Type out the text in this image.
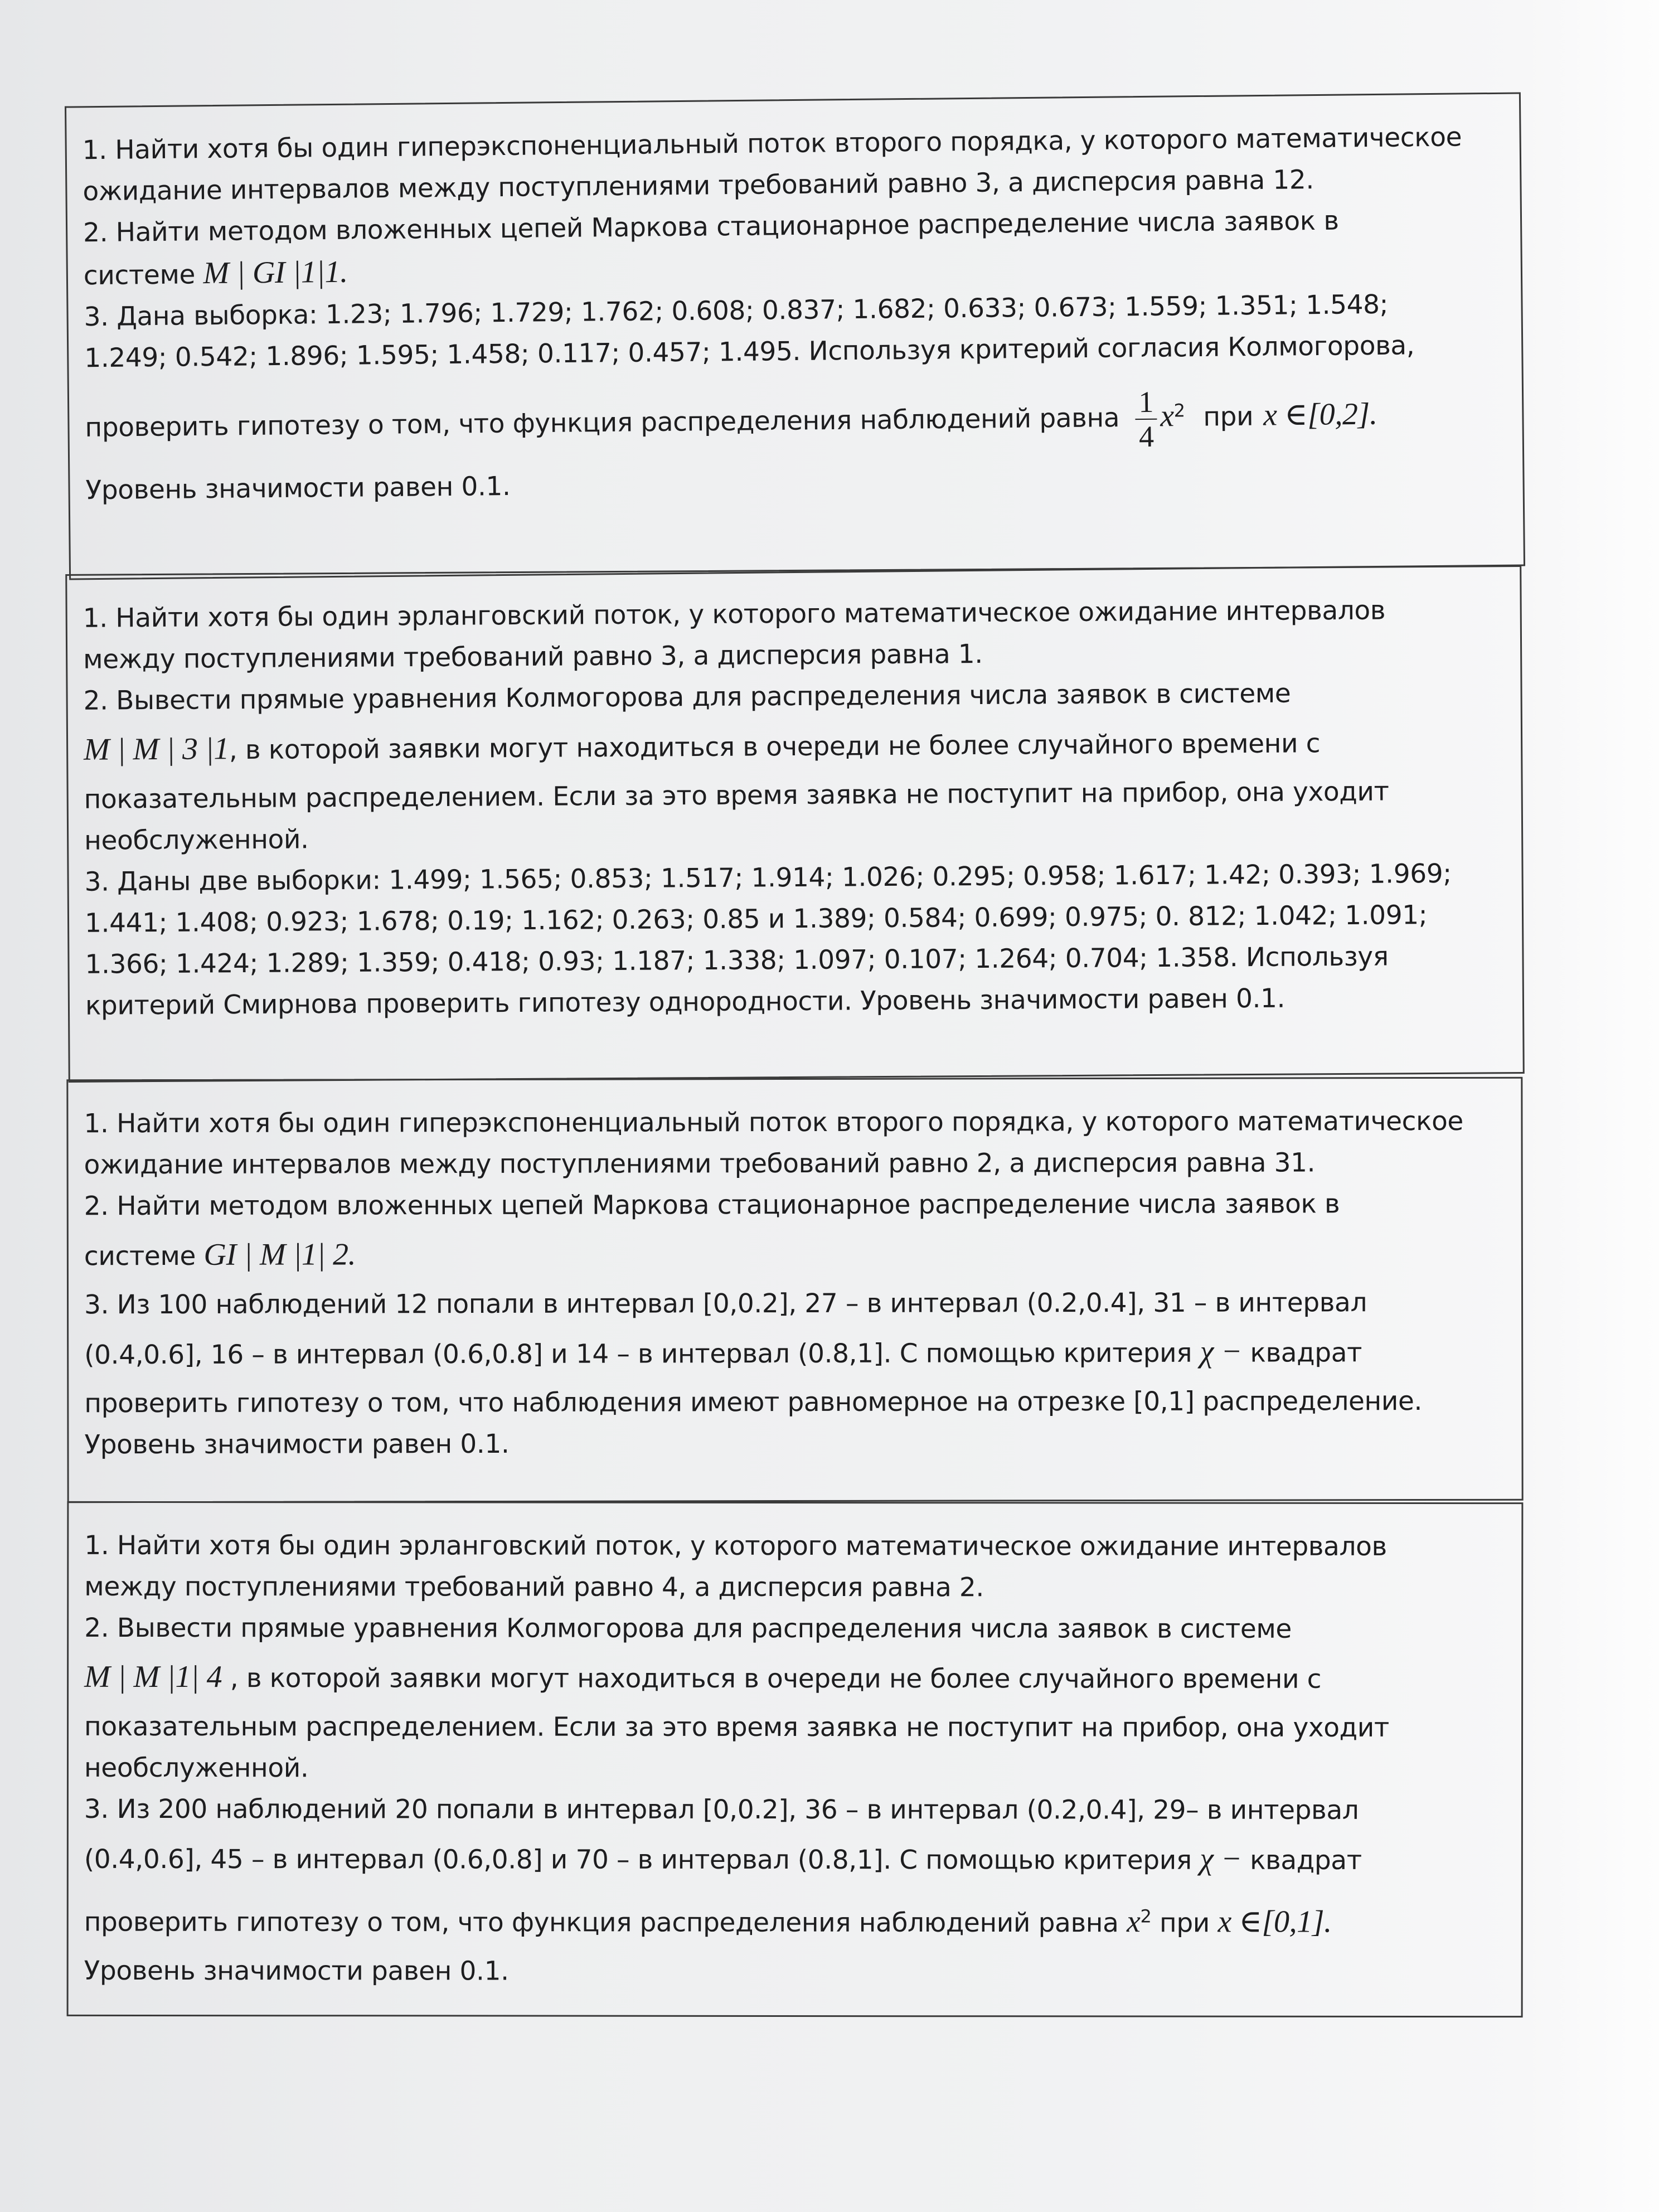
1. Найти хотя бы один гиперэкспоненциальный поток второго порядка, у которого математическое
ожидание интервалов между поступлениями требований равно 3, а дисперсия равна 12.
2. Найти методом вложенных цепей Маркова стационарное распределение числа заявок в
системе M | GI |1|1.
3. Дана выборка: 1.23; 1.796; 1.729; 1.762; 0.608; 0.837; 1.682; 0.633; 0.673; 1.559; 1.351; 1.548;
1.249; 0.542; 1.896; 1.595; 1.458; 0.117; 0.457; 1.495. Используя критерий согласия Колмогорова,
проверить гипотезу о том, что функция распределения наблюдений равна $\frac{1}{4} x^2$ при x ∈[0,2].
Уровень значимости равен 0.1.
1. Найти хотя бы один эрланговский поток, у которого математическое ожидание интервалов
между поступлениями требований равно 3, а дисперсия равна 1.
2. Вывести прямые уравнения Колмогорова для распределения числа заявок в системе
M | M | 3 |1, в которой заявки могут находиться в очереди не более случайного времени с
показательным распределением. Если за это время заявка не поступит на прибор, она уходит
необслуженной.
3. Даны две выборки: 1.499; 1.565; 0.853; 1.517; 1.914; 1.026; 0.295; 0.958; 1.617; 1.42; 0.393; 1.969;
1.441; 1.408; 0.923; 1.678; 0.19; 1.162; 0.263; 0.85 и 1.389; 0.584; 0.699; 0.975; 0. 812; 1.042; 1.091;
1.366; 1.424; 1.289; 1.359; 0.418; 0.93; 1.187; 1.338; 1.097; 0.107; 1.264; 0.704; 1.358. Используя
критерий Смирнова проверить гипотезу однородности. Уровень значимости равен 0.1.
1. Найти хотя бы один гиперэкспоненциальный поток второго порядка, у которого математическое
ожидание интервалов между поступлениями требований равно 2, а дисперсия равна 31.
2. Найти методом вложенных цепей Маркова стационарное распределение числа заявок в
системе GI | M |1| 2.
3. Из 100 наблюдений 12 попали в интервал [0,0.2], 27 – в интервал (0.2,0.4], 31 – в интервал
(0.4,0.6], 16 – в интервал (0.6,0.8] и 14 – в интервал (0.8,1]. С помощью критерия χ − квадрат
проверить гипотезу о том, что наблюдения имеют равномерное на отрезке [0,1] распределение.
Уровень значимости равен 0.1.
1. Найти хотя бы один эрланговский поток, у которого математическое ожидание интервалов
между поступлениями требований равно 4, а дисперсия равна 2.
2. Вывести прямые уравнения Колмогорова для распределения числа заявок в системе
M | M |1| 4 , в которой заявки могут находиться в очереди не более случайного времени с
показательным распределением. Если за это время заявка не поступит на прибор, она уходит
необслуженной.
3. Из 200 наблюдений 20 попали в интервал [0,0.2], 36 – в интервал (0.2,0.4], 29– в интервал
(0.4,0.6], 45 – в интервал (0.6,0.8] и 70 – в интервал (0.8,1]. С помощью критерия χ − квадрат
проверить гипотезу о том, что функция распределения наблюдений равна $x^2$ при x ∈[0,1].
Уровень значимости равен 0.1.
